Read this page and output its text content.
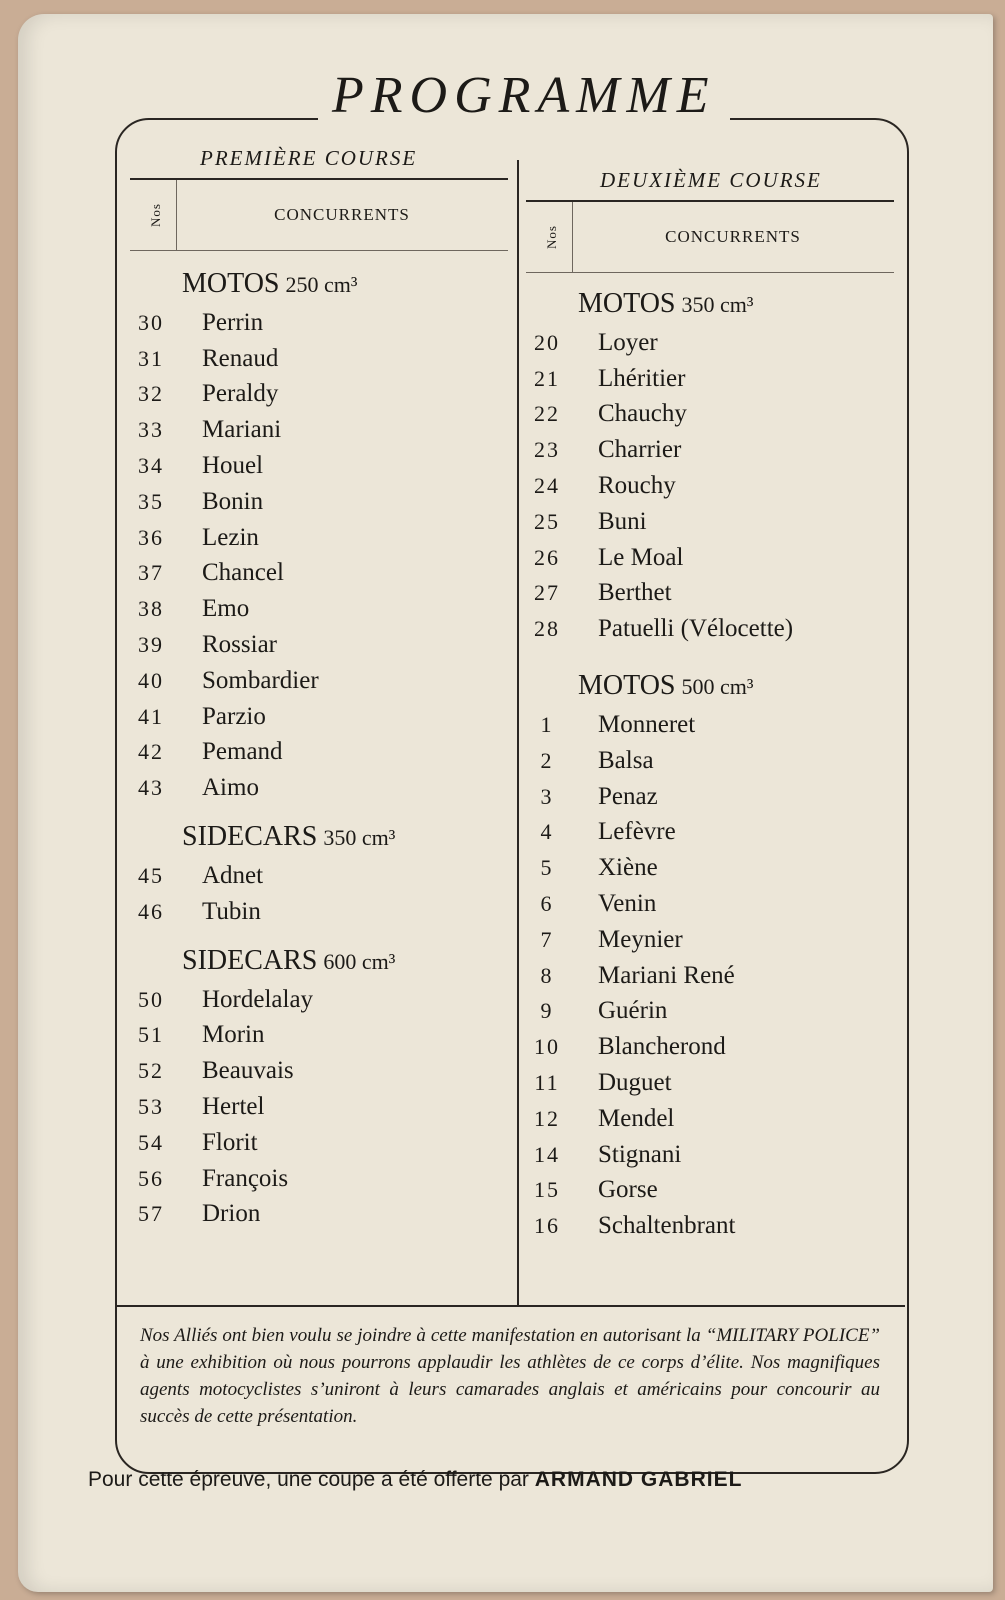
PROGRAMME
PREMIÈRE COURSE
Nos	CONCURRENTS
MOTOS 250 cm³
30	Perrin
31	Renaud
32	Peraldy
33	Mariani
34	Houel
35	Bonin
36	Lezin
37	Chancel
38	Emo
39	Rossiar
40	Sombardier
41	Parzio
42	Pemand
43	Aimo
SIDECARS 350 cm³
45	Adnet
46	Tubin
SIDECARS 600 cm³
50	Hordelalay
51	Morin
52	Beauvais
53	Hertel
54	Florit
56	François
57	Drion
DEUXIÈME COURSE
Nos	CONCURRENTS
MOTOS 350 cm³
20	Loyer
21	Lhéritier
22	Chauchy
23	Charrier
24	Rouchy
25	Buni
26	Le Moal
27	Berthet
28	Patuelli (Vélocette)
MOTOS 500 cm³
1	Monneret
2	Balsa
3	Penaz
4	Lefèvre
5	Xiène
6	Venin
7	Meynier
8	Mariani René
9	Guérin
10	Blancherond
11	Duguet
12	Mendel
14	Stignani
15	Gorse
16	Schaltenbrant
Nos Alliés ont bien voulu se joindre à cette manifestation en autorisant la “MILITARY POLICE” à une exhibition où nous pourrons applaudir les athlètes de ce corps d’élite. Nos magnifiques agents motocyclistes s’uniront à leurs camarades anglais et américains pour concourir au succès de cette présentation.
Pour cette épreuve, une coupe a été offerte par ARMAND GABRIEL
